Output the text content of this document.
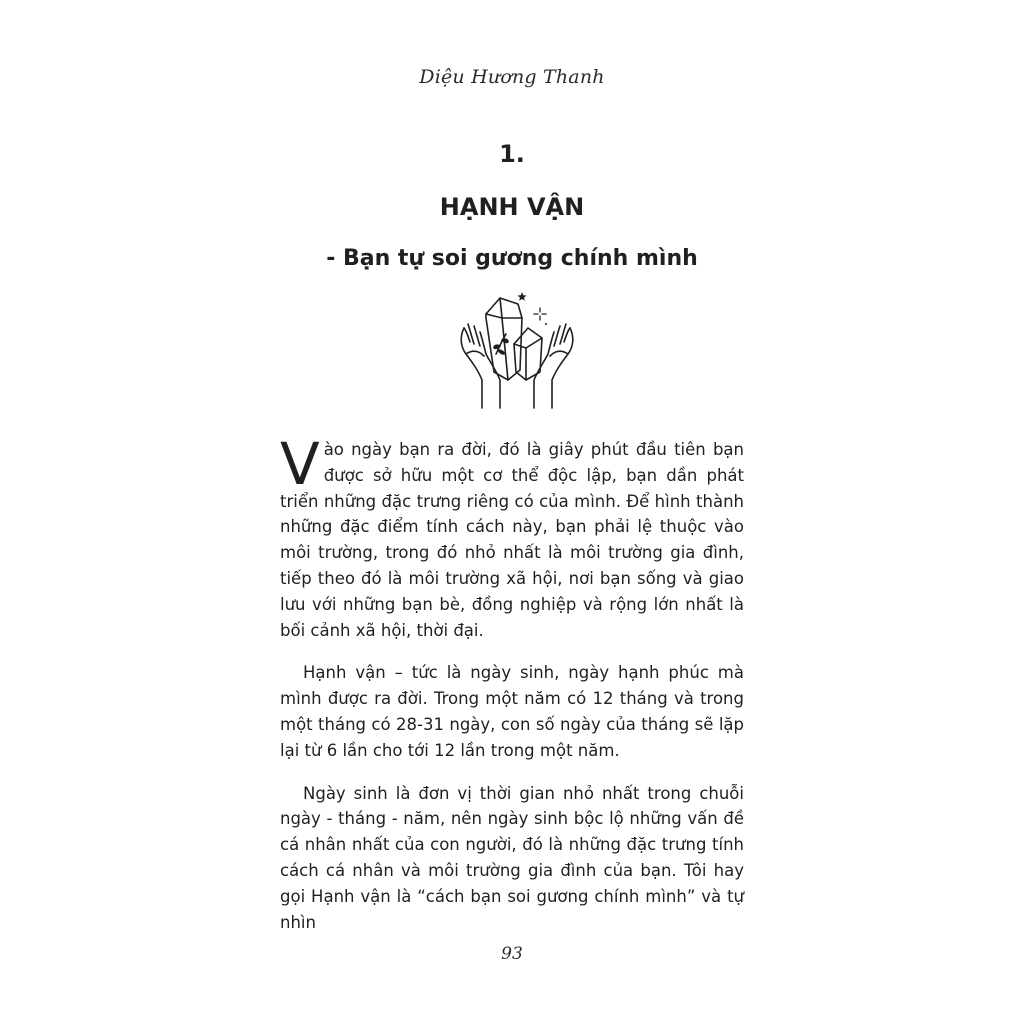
Diệu Hương Thanh
1.
HẠNH VẬN
- Bạn tự soi gương chính mình

Vào ngày bạn ra đời, đó là giây phút đầu tiên bạn được sở hữu một cơ thể độc lập, bạn dần phát triển những đặc trưng riêng có của mình. Để hình thành những đặc điểm tính cách này, bạn phải lệ thuộc vào môi trường, trong đó nhỏ nhất là môi trường gia đình, tiếp theo đó là môi trường xã hội, nơi bạn sống và giao lưu với những bạn bè, đồng nghiệp và rộng lớn nhất là bối cảnh xã hội, thời đại.

Hạnh vận – tức là ngày sinh, ngày hạnh phúc mà mình được ra đời. Trong một năm có 12 tháng và trong một tháng có 28-31 ngày, con số ngày của tháng sẽ lặp lại từ 6 lần cho tới 12 lần trong một năm.

Ngày sinh là đơn vị thời gian nhỏ nhất trong chuỗi ngày - tháng - năm, nên ngày sinh bộc lộ những vấn đề cá nhân nhất của con người, đó là những đặc trưng tính cách cá nhân và môi trường gia đình của bạn. Tôi hay gọi Hạnh vận là “cách bạn soi gương chính mình” và tự nhìn

93
